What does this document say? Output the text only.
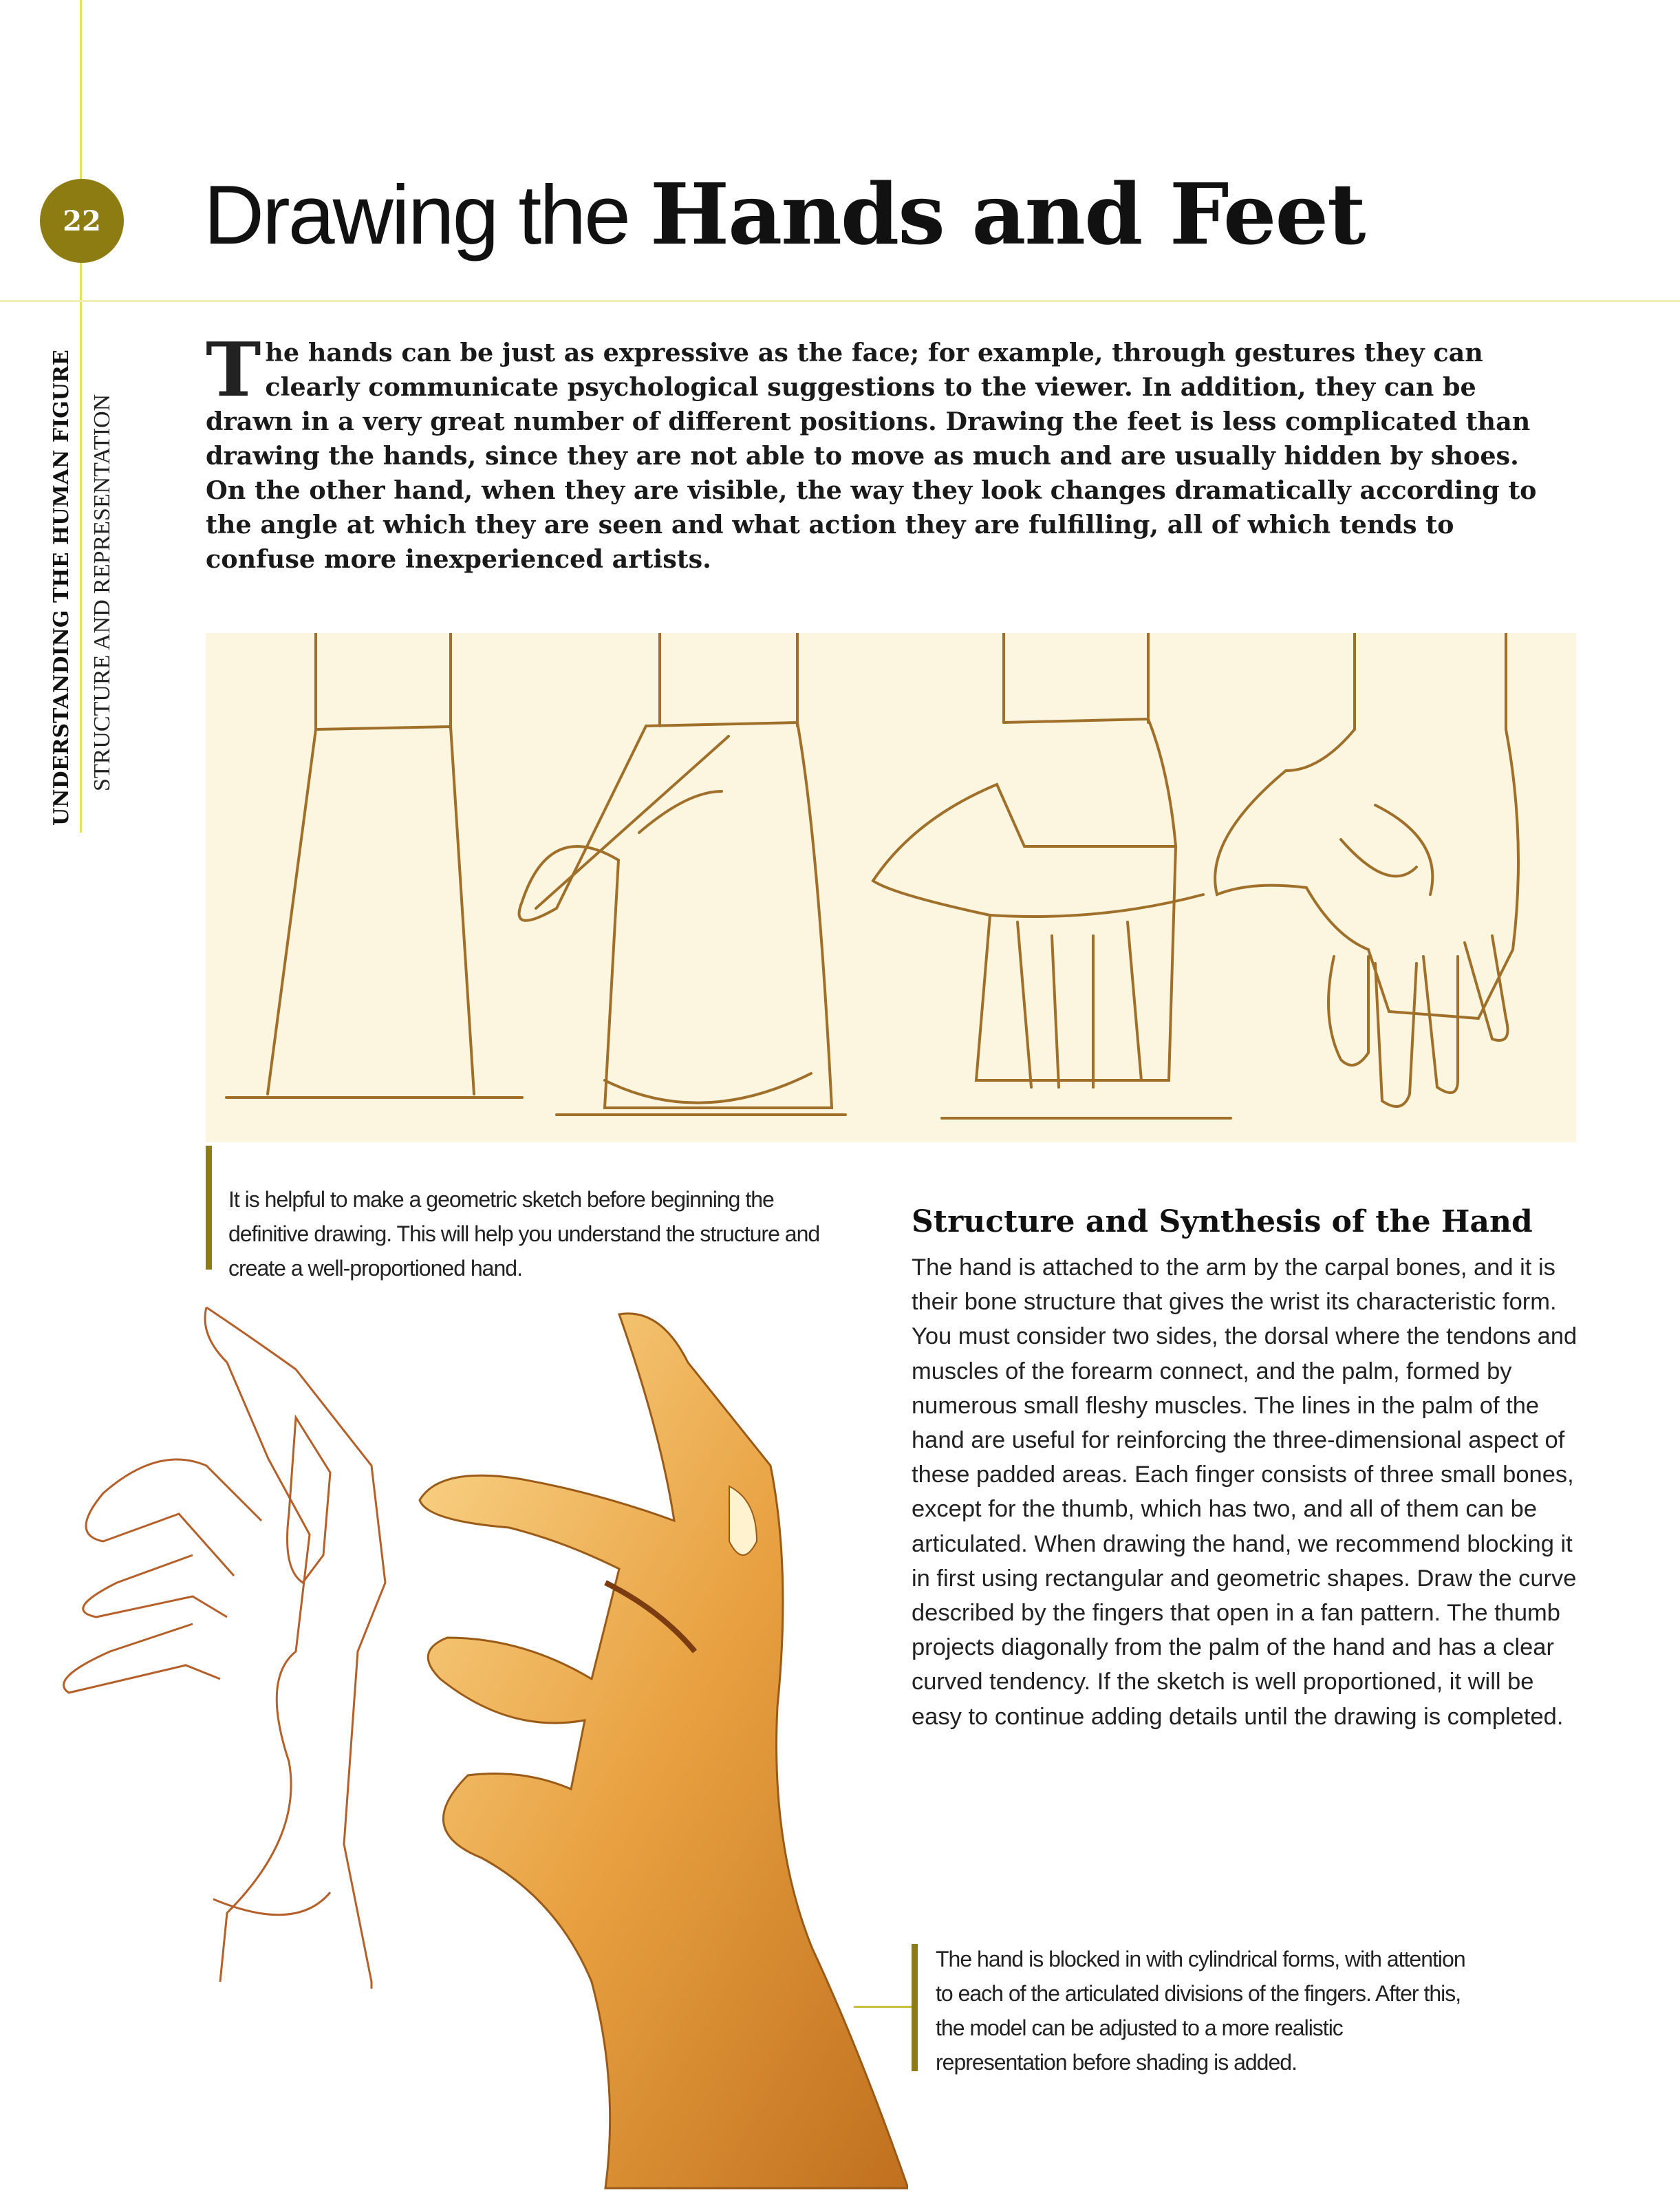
22 Drawing the Hands and Feet
UNDERSTANDING THE HUMAN FIGURE STRUCTURE AND REPRESENTATION
The hands can be just as expressive as the face; for example, through gestures they can clearly communicate psychological suggestions to the viewer. In addition, they can be drawn in a very great number of different positions. Drawing the feet is less complicated than drawing the hands, since they are not able to move as much and are usually hidden by shoes. On the other hand, when they are visible, the way they look changes dramatically according to the angle at which they are seen and what action they are fulfilling, all of which tends to confuse more inexperienced artists.
It is helpful to make a geometric sketch before beginning the definitive drawing. This will help you understand the structure and create a well-proportioned hand.
Structure and Synthesis of the Hand
The hand is attached to the arm by the carpal bones, and it is their bone structure that gives the wrist its characteristic form. You must consider two sides, the dorsal where the tendons and muscles of the forearm connect, and the palm, formed by numerous small fleshy muscles. The lines in the palm of the hand are useful for reinforcing the three-dimensional aspect of these padded areas. Each finger consists of three small bones, except for the thumb, which has two, and all of them can be articulated. When drawing the hand, we recommend blocking it in first using rectangular and geometric shapes. Draw the curve described by the fingers that open in a fan pattern. The thumb projects diagonally from the palm of the hand and has a clear curved tendency. If the sketch is well proportioned, it will be easy to continue adding details until the drawing is completed.
The hand is blocked in with cylindrical forms, with attention to each of the articulated divisions of the fingers. After this, the model can be adjusted to a more realistic representation before shading is added.
